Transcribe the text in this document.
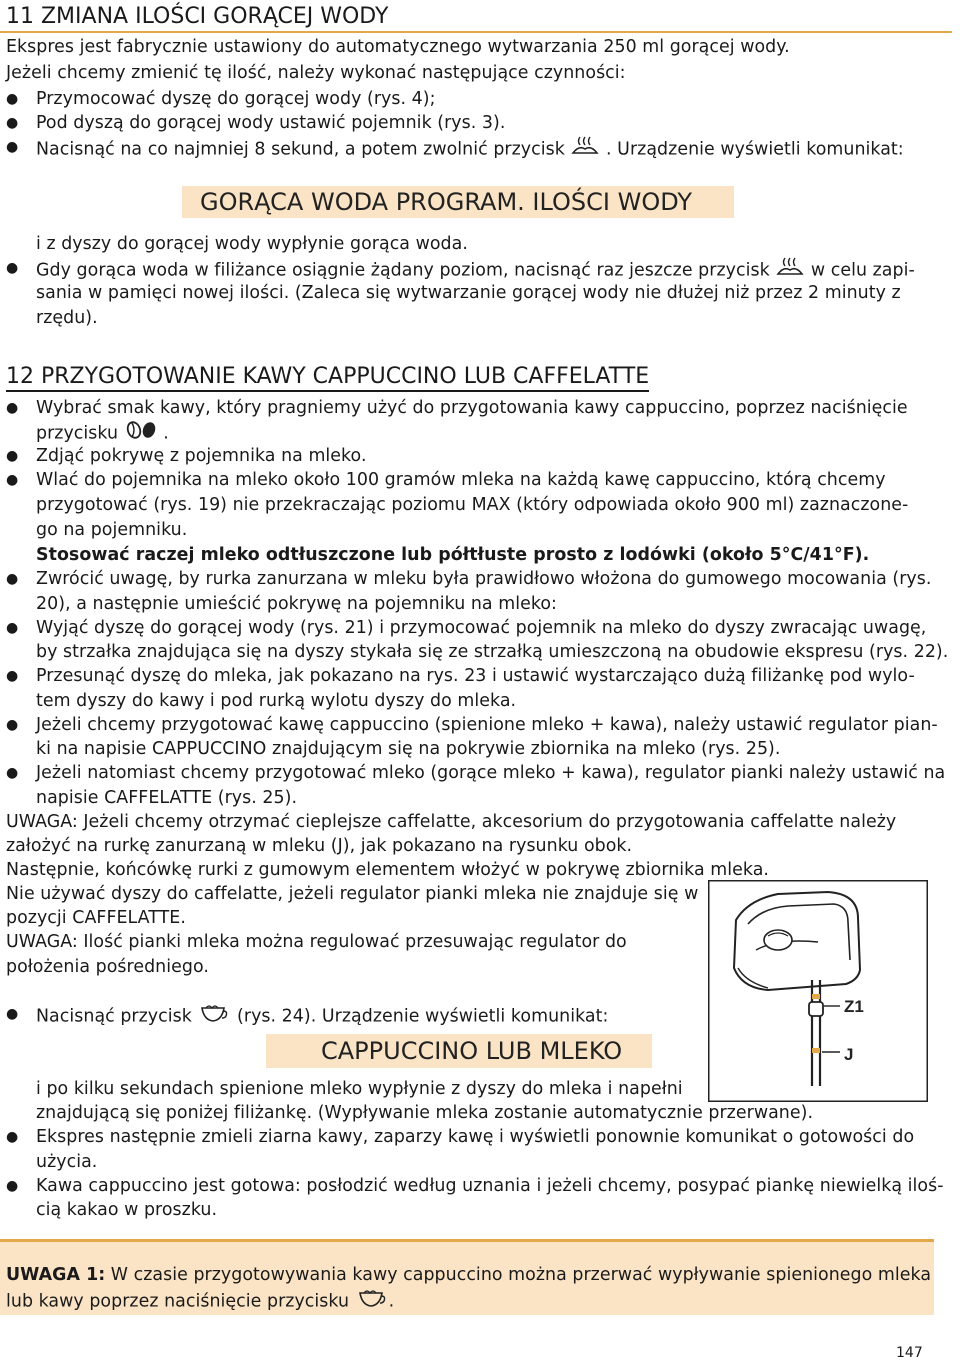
11 ZMIANA ILOŚCI GORĄCEJ WODY
Ekspres jest fabrycznie ustawiony do automatycznego wytwarzania 250 ml gorącej wody.
Jeżeli chcemy zmienić tę ilość, należy wykonać następujące czynności:
● Przymocować dyszę do gorącej wody (rys. 4);
● Pod dyszą do gorącej wody ustawić pojemnik (rys. 3).
● Nacisnąć na co najmniej 8 sekund, a potem zwolnić przycisk . Urządzenie wyświetli komunikat:
GORĄCA WODA PROGRAM. ILOŚCI WODY
i z dyszy do gorącej wody wypłynie gorąca woda.
● Gdy gorąca woda w filiżance osiągnie żądany poziom, nacisnąć raz jeszcze przycisk w celu zapi-
sania w pamięci nowej ilości. (Zaleca się wytwarzanie gorącej wody nie dłużej niż przez 2 minuty z
rzędu).
12 PRZYGOTOWANIE KAWY CAPPUCCINO LUB CAFFELATTE
● Wybrać smak kawy, który pragniemy użyć do przygotowania kawy cappuccino, poprzez naciśnięcie
przycisku	.
● Zdjąć pokrywę z pojemnika na mleko.
● Wlać do pojemnika na mleko około 100 gramów mleka na każdą kawę cappuccino, którą chcemy
przygotować (rys. 19) nie przekraczając poziomu MAX (który odpowiada około 900 ml) zaznaczone-
go na pojemniku.
Stosować raczej mleko odtłuszczone lub półtłuste prosto z lodówki (około 5°C/41°F).
● Zwrócić uwagę, by rurka zanurzana w mleku była prawidłowo włożona do gumowego mocowania (rys.
20), a następnie umieścić pokrywę na pojemniku na mleko:
● Wyjąć dyszę do gorącej wody (rys. 21) i przymocować pojemnik na mleko do dyszy zwracając uwagę,
by strzałka znajdująca się na dyszy stykała się ze strzałką umieszczoną na obudowie ekspresu (rys. 22).
● Przesunąć dyszę do mleka, jak pokazano na rys. 23 i ustawić wystarczająco dużą filiżankę pod wylo-
tem dyszy do kawy i pod rurką wylotu dyszy do mleka.
● Jeżeli chcemy przygotować kawę cappuccino (spienione mleko + kawa), należy ustawić regulator pian-
ki na napisie CAPPUCCINO znajdującym się na pokrywie zbiornika na mleko (rys. 25).
● Jeżeli natomiast chcemy przygotować mleko (gorące mleko + kawa), regulator pianki należy ustawić na
napisie CAFFELATTE (rys. 25).
UWAGA: Jeżeli chcemy otrzymać cieplejsze caffelatte, akcesorium do przygotowania caffelatte należy
założyć na rurkę zanurzaną w mleku (J), jak pokazano na rysunku obok.
Następnie, końcówkę rurki z gumowym elementem włożyć w pokrywę zbiornika mleka.
Nie używać dyszy do caffelatte, jeżeli regulator pianki mleka nie znajduje się w
pozycji CAFFELATTE.
UWAGA: Ilość pianki mleka można regulować przesuwając regulator do
położenia pośredniego.
● Nacisnąć przycisk	(rys. 24). Urządzenie wyświetli komunikat:
CAPPUCCINO LUB MLEKO
i po kilku sekundach spienione mleko wypłynie z dyszy do mleka i napełni
znajdującą się poniżej filiżankę. (Wypływanie mleka zostanie automatycznie przerwane).
● Ekspres następnie zmieli ziarna kawy, zaparzy kawę i wyświetli ponownie komunikat o gotowości do
użycia.
● Kawa cappuccino jest gotowa: posłodzić według uznania i jeżeli chcemy, posypać piankę niewielką iloś-
cią kakao w proszku.
Z1
J
UWAGA 1: W czasie przygotowywania kawy cappuccino można przerwać wypływanie spienionego mleka
lub kawy poprzez naciśnięcie przycisku .
147
